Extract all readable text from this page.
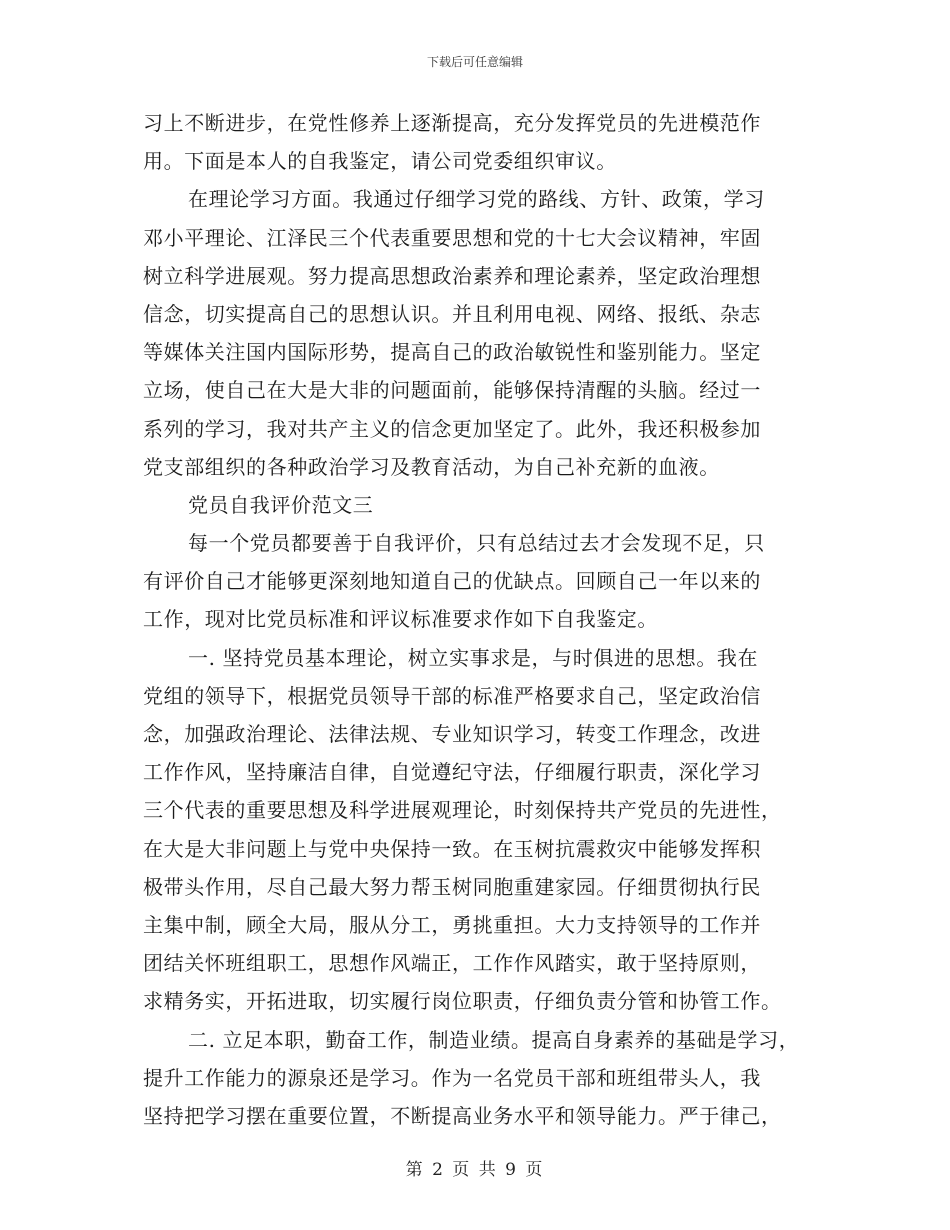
下载后可任意编辑
习上不断进步，在党性修养上逐渐提高，充分发挥党员的先进模范作
用。下面是本人的自我鉴定，请公司党委组织审议。
在理论学习方面。我通过仔细学习党的路线、方针、政策，学习
邓小平理论、江泽民三个代表重要思想和党的十七大会议精神，牢固
树立科学进展观。努力提高思想政治素养和理论素养，坚定政治理想
信念，切实提高自己的思想认识。并且利用电视、网络、报纸、杂志
等媒体关注国内国际形势，提高自己的政治敏锐性和鉴别能力。坚定
立场，使自己在大是大非的问题面前，能够保持清醒的头脑。经过一
系列的学习，我对共产主义的信念更加坚定了。此外，我还积极参加
党支部组织的各种政治学习及教育活动，为自己补充新的血液。
党员自我评价范文三
每一个党员都要善于自我评价，只有总结过去才会发现不足，只
有评价自己才能够更深刻地知道自己的优缺点。回顾自己一年以来的
工作，现对比党员标准和评议标准要求作如下自我鉴定。
一. 坚持党员基本理论，树立实事求是，与时俱进的思想。我在
党组的领导下，根据党员领导干部的标准严格要求自己，坚定政治信
念，加强政治理论、法律法规、专业知识学习，转变工作理念，改进
工作作风，坚持廉洁自律，自觉遵纪守法，仔细履行职责，深化学习
三个代表的重要思想及科学进展观理论，时刻保持共产党员的先进性，
在大是大非问题上与党中央保持一致。在玉树抗震救灾中能够发挥积
极带头作用，尽自己最大努力帮玉树同胞重建家园。仔细贯彻执行民
主集中制，顾全大局，服从分工，勇挑重担。大力支持领导的工作并
团结关怀班组职工，思想作风端正，工作作风踏实，敢于坚持原则，
求精务实，开拓进取，切实履行岗位职责，仔细负责分管和协管工作。
二. 立足本职，勤奋工作，制造业绩。提高自身素养的基础是学习，
提升工作能力的源泉还是学习。作为一名党员干部和班组带头人，我
坚持把学习摆在重要位置，不断提高业务水平和领导能力。严于律己，
第 2 页 共 9 页
